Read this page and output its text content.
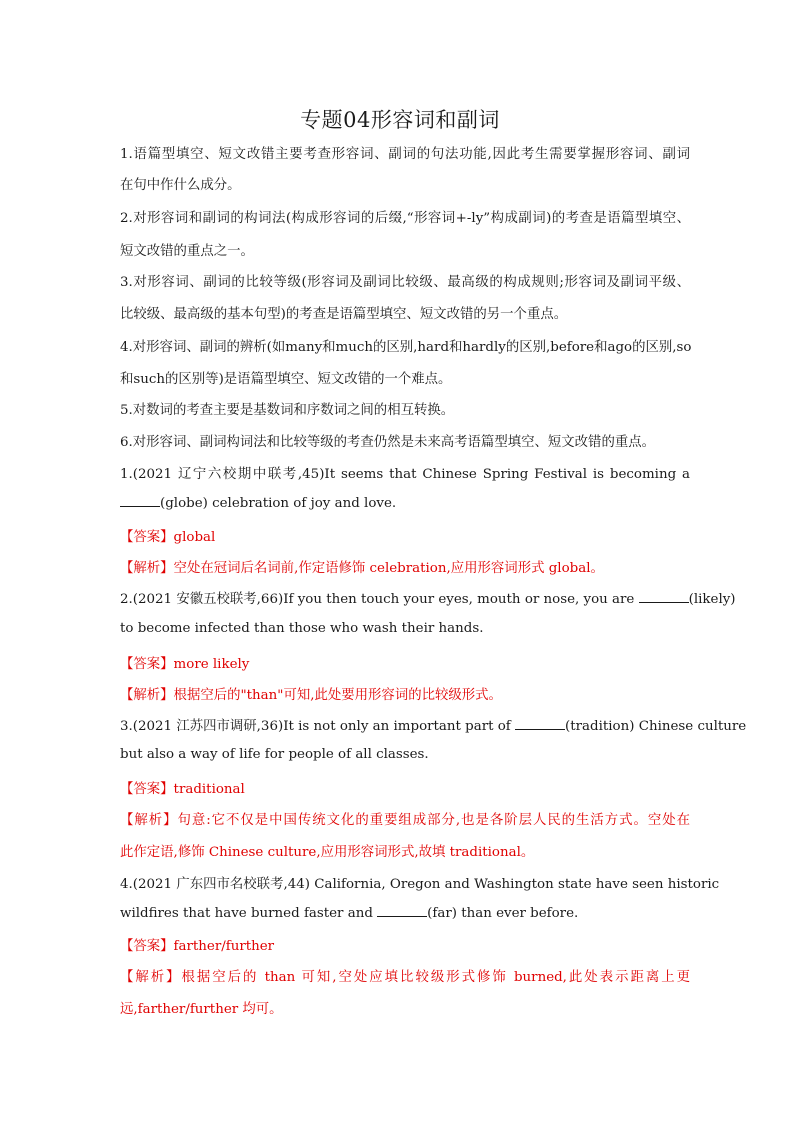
专题04形容词和副词
1.语篇型填空、短文改错主要考查形容词、副词的句法功能,因此考生需要掌握形容词、副词
在句中作什么成分。
2.对形容词和副词的构词法(构成形容词的后缀,“形容词+-ly”构成副词)的考查是语篇型填空、
短文改错的重点之一。
3.对形容词、副词的比较等级(形容词及副词比较级、最高级的构成规则;形容词及副词平级、
比较级、最高级的基本句型)的考查是语篇型填空、短文改错的另一个重点。
4.对形容词、副词的辨析(如many和much的区别,hard和hardly的区别,before和ago的区别,so
和such的区别等)是语篇型填空、短文改错的一个难点。
5.对数词的考查主要是基数词和序数词之间的相互转换。
6.对形容词、副词构词法和比较等级的考查仍然是未来高考语篇型填空、短文改错的重点。
1.(2021 辽宁六校期中联考,45)It seems that Chinese Spring Festival is becoming a
(globe) celebration of joy and love.
【答案】global
【解析】空处在冠词后名词前,作定语修饰 celebration,应用形容词形式 global。
2.(2021 安徽五校联考,66)If you then touch your eyes, mouth or nose, you are	(likely)
to become infected than those who wash their hands.
【答案】more likely
【解析】根据空后的"than"可知,此处要用形容词的比较级形式。
3.(2021 江苏四市调研,36)It is not only an important part of	(tradition) Chinese culture
but also a way of life for people of all classes.
【答案】traditional
【解析】句意:它不仅是中国传统文化的重要组成部分,也是各阶层人民的生活方式。空处在
此作定语,修饰 Chinese culture,应用形容词形式,故填 traditional。
4.(2021 广东四市名校联考,44) California, Oregon and Washington state have seen historic
wildfires that have burned faster and	(far) than ever before.
【答案】farther/further
【解析】根据空后的 than 可知,空处应填比较级形式修饰 burned,此处表示距离上更
远,farther/further 均可。
